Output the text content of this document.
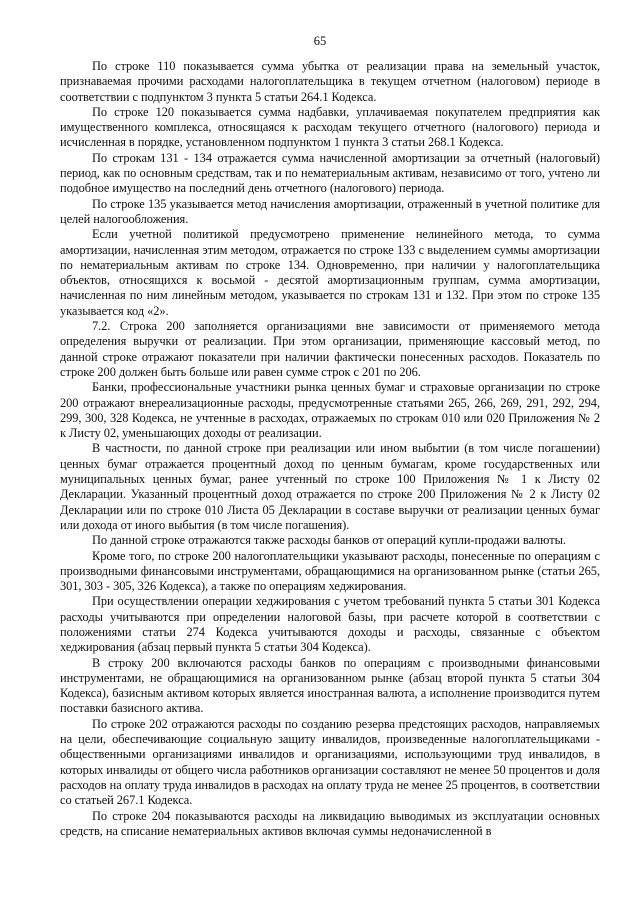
65

По строке 110 показывается сумма убытка от реализации права на земельный участок, признаваемая прочими расходами налогоплательщика в текущем отчетном (налоговом) периоде в соответствии с подпунктом 3 пункта 5 статьи 264.1 Кодекса.

По строке 120 показывается сумма надбавки, уплачиваемая покупателем предприятия как имущественного комплекса, относящаяся к расходам текущего отчетного (налогового) периода и исчисленная в порядке, установленном подпунктом 1 пункта 3 статьи 268.1 Кодекса.

По строкам 131 - 134 отражается сумма начисленной амортизации за отчетный (налоговый) период, как по основным средствам, так и по нематериальным активам, независимо от того, учтено ли подобное имущество на последний день отчетного (налогового) периода.

По строке 135 указывается метод начисления амортизации, отраженный в учетной политике для целей налогообложения.

Если учетной политикой предусмотрено применение нелинейного метода, то сумма амортизации, начисленная этим методом, отражается по строке 133 с выделением суммы амортизации по нематериальным активам по строке 134. Одновременно, при наличии у налогоплательщика объектов, относящихся к восьмой - десятой амортизационным группам, сумма амортизации, начисленная по ним линейным методом, указывается по строкам 131 и 132. При этом по строке 135 указывается код «2».

7.2. Строка 200 заполняется организациями вне зависимости от применяемого метода определения выручки от реализации. При этом организации, применяющие кассовый метод, по данной строке отражают показатели при наличии фактически понесенных расходов. Показатель по строке 200 должен быть больше или равен сумме строк с 201 по 206.

Банки, профессиональные участники рынка ценных бумаг и страховые организации по строке 200 отражают внереализационные расходы, предусмотренные статьями 265, 266, 269, 291, 292, 294, 299, 300, 328 Кодекса, не учтенные в расходах, отражаемых по строкам 010 или 020 Приложения № 2 к Листу 02, уменьшающих доходы от реализации.

В частности, по данной строке при реализации или ином выбытии (в том числе погашении) ценных бумаг отражается процентный доход по ценным бумагам, кроме государственных или муниципальных ценных бумаг, ранее учтенный по строке 100 Приложения № 1 к Листу 02 Декларации. Указанный процентный доход отражается по строке 200 Приложения № 2 к Листу 02 Декларации или по строке 010 Листа 05 Декларации в составе выручки от реализации ценных бумаг или дохода от иного выбытия (в том числе погашения).

По данной строке отражаются также расходы банков от операций купли-продажи валюты.

Кроме того, по строке 200 налогоплательщики указывают расходы, понесенные по операциям с производными финансовыми инструментами, обращающимися на организованном рынке (статьи 265, 301, 303 - 305, 326 Кодекса), а также по операциям хеджирования.

При осуществлении операции хеджирования с учетом требований пункта 5 статьи 301 Кодекса расходы учитываются при определении налоговой базы, при расчете которой в соответствии с положениями статьи 274 Кодекса учитываются доходы и расходы, связанные с объектом хеджирования (абзац первый пункта 5 статьи 304 Кодекса).

В строку 200 включаются расходы банков по операциям с производными финансовыми инструментами, не обращающимися на организованном рынке (абзац второй пункта 5 статьи 304 Кодекса), базисным активом которых является иностранная валюта, а исполнение производится путем поставки базисного актива.

По строке 202 отражаются расходы по созданию резерва предстоящих расходов, направляемых на цели, обеспечивающие социальную защиту инвалидов, произведенные налогоплательщиками - общественными организациями инвалидов и организациями, использующими труд инвалидов, в которых инвалиды от общего числа работников организации составляют не менее 50 процентов и доля расходов на оплату труда инвалидов в расходах на оплату труда не менее 25 процентов, в соответствии со статьей 267.1 Кодекса.

По строке 204 показываются расходы на ликвидацию выводимых из эксплуатации основных средств, на списание нематериальных активов включая суммы недоначисленной в
